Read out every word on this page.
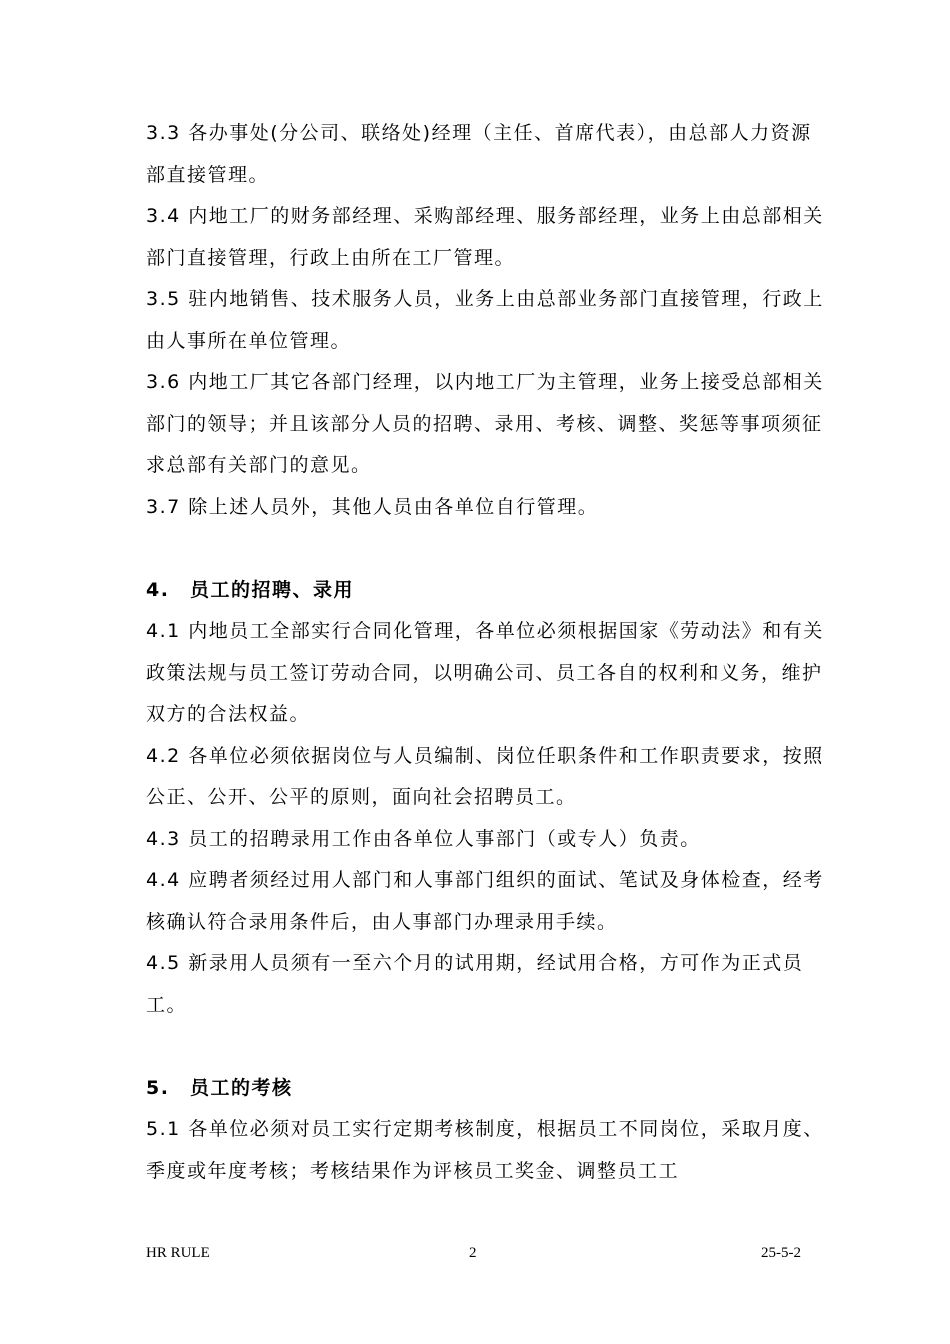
3.3 各办事处(分公司、联络处)经理（主任、首席代表），由总部人力资源部直接管理。

3.4 内地工厂的财务部经理、采购部经理、服务部经理，业务上由总部相关部门直接管理，行政上由所在工厂管理。

3.5 驻内地销售、技术服务人员，业务上由总部业务部门直接管理，行政上由人事所在单位管理。

3.6 内地工厂其它各部门经理，以内地工厂为主管理，业务上接受总部相关部门的领导；并且该部分人员的招聘、录用、考核、调整、奖惩等事项须征求总部有关部门的意见。

3.7 除上述人员外，其他人员由各单位自行管理。

4.　员工的招聘、录用

4.1 内地员工全部实行合同化管理，各单位必须根据国家《劳动法》和有关政策法规与员工签订劳动合同，以明确公司、员工各自的权利和义务，维护双方的合法权益。

4.2 各单位必须依据岗位与人员编制、岗位任职条件和工作职责要求，按照公正、公开、公平的原则，面向社会招聘员工。

4.3 员工的招聘录用工作由各单位人事部门（或专人）负责。

4.4 应聘者须经过用人部门和人事部门组织的面试、笔试及身体检查，经考核确认符合录用条件后，由人事部门办理录用手续。

4.5 新录用人员须有一至六个月的试用期，经试用合格，方可作为正式员工。

5.　员工的考核

5.1 各单位必须对员工实行定期考核制度，根据员工不同岗位，采取月度、季度或年度考核；考核结果作为评核员工奖金、调整员工工

HR RULE	2	25-5-2
